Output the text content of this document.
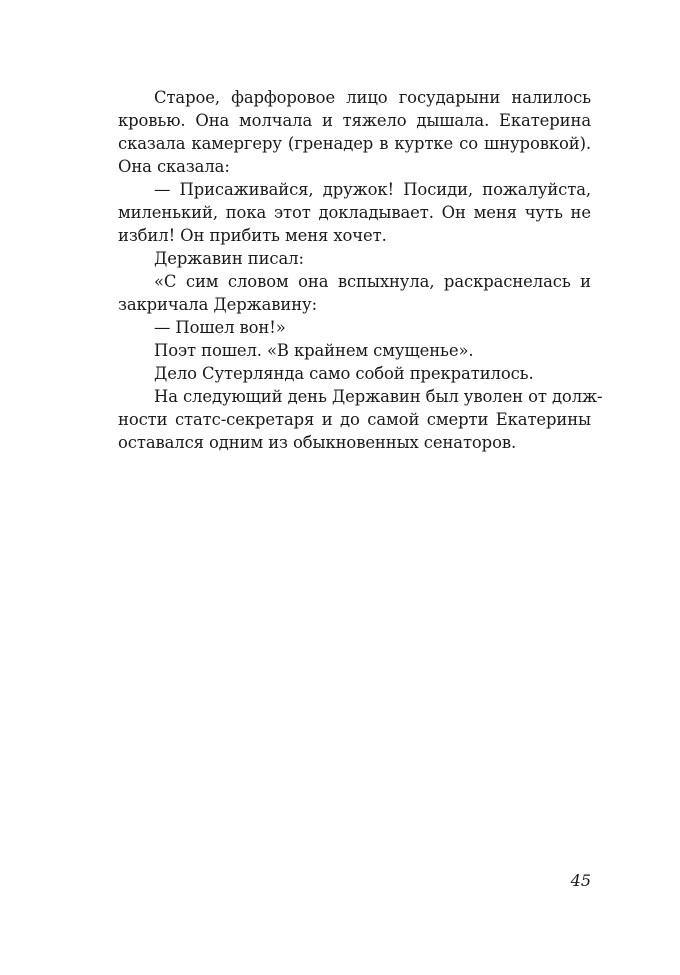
Старое, фарфоровое лицо государыни налилось
кровью. Она молчала и тяжело дышала. Екатерина
сказала камергеру (гренадер в куртке со шнуровкой).
Она сказала:
— Присаживайся, дружок! Посиди, пожалуйста,
миленький, пока этот докладывает. Он меня чуть не
избил! Он прибить меня хочет.
Державин писал:
«С сим словом она вспыхнула, раскраснелась и
закричала Державину:
— Пошел вон!»
Поэт пошел. «В крайнем смущенье».
Дело Сутерлянда само собой прекратилось.
На следующий день Державин был уволен от долж-
ности статс-секретаря и до самой смерти Екатерины
оставался одним из обыкновенных сенаторов.
45
